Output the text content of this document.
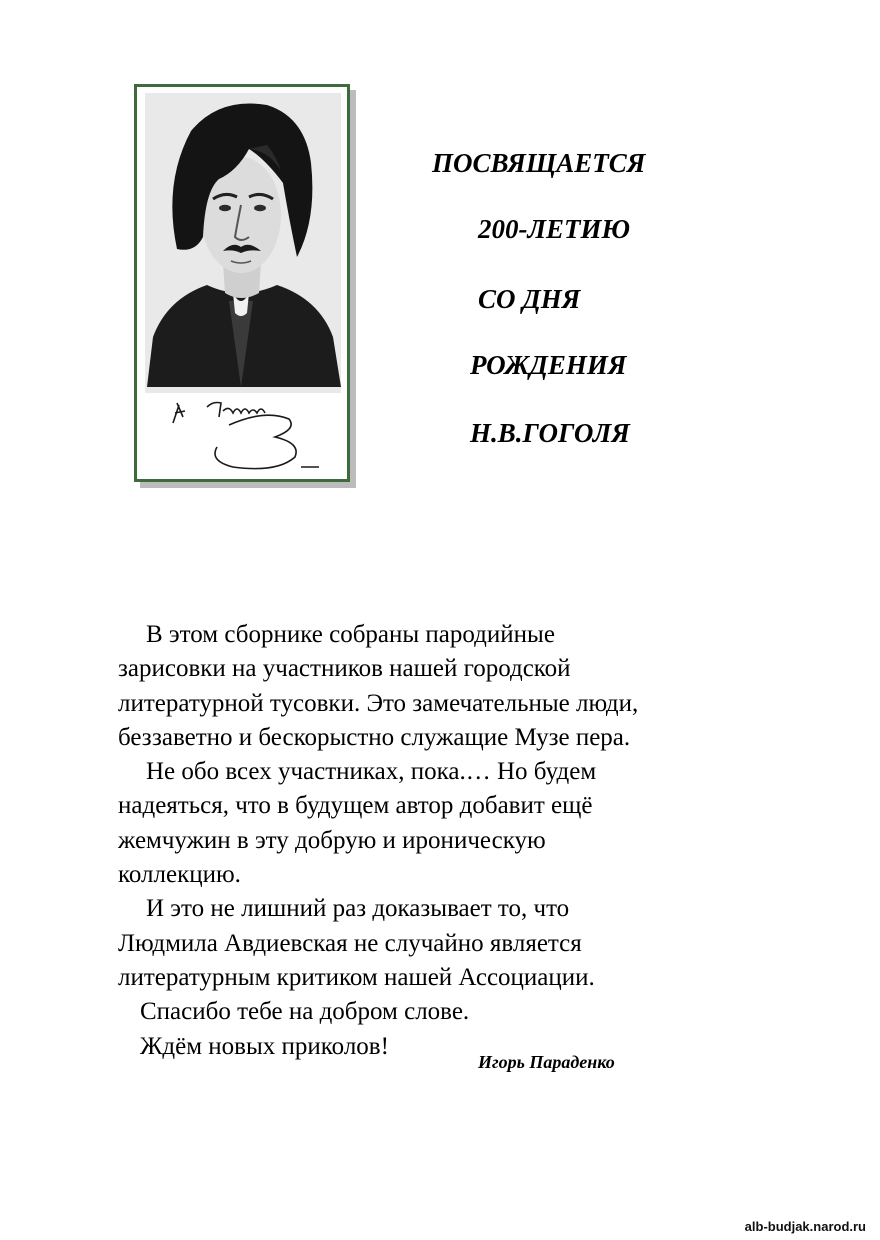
ПОСВЯЩАЕТСЯ
200-ЛЕТИЮ
СО ДНЯ
РОЖДЕНИЯ
Н.В.ГОГОЛЯ
В этом сборнике собраны пародийные
зарисовки на участников нашей городской
литературной тусовки. Это замечательные люди,
беззаветно и бескорыстно служащие Музе пера.
Не обо всех участниках, пока.… Но будем
надеяться, что в будущем автор добавит ещё
жемчужин в эту добрую и ироническую
коллекцию.
И это не лишний раз доказывает то, что
Людмила Авдиевская не случайно является
литературным критиком нашей Ассоциации.
Спасибо тебе на добром слове.
Ждём новых приколов!
Игорь Параденко
alb-budjak.narod.ru
